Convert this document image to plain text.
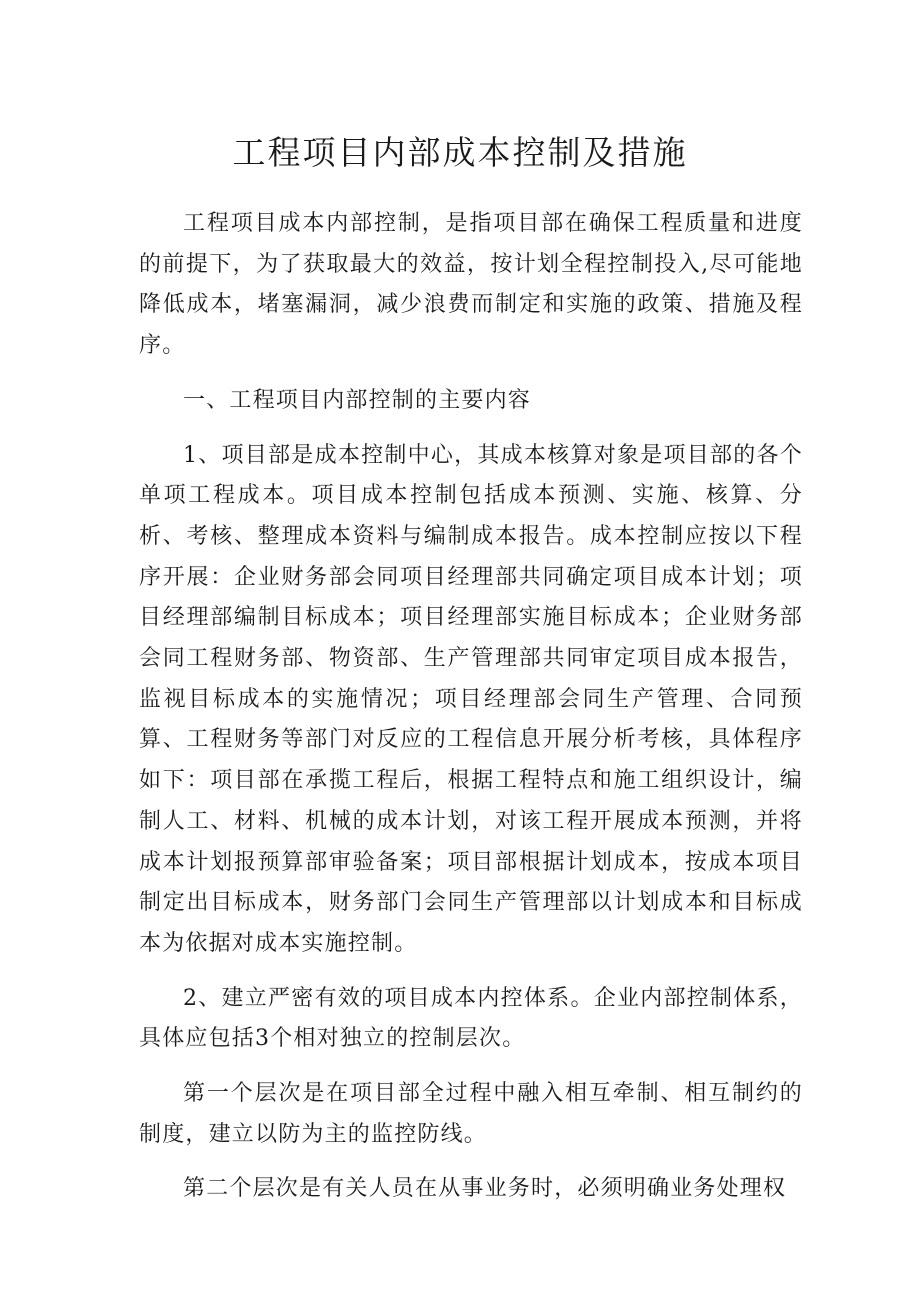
工程项目内部成本控制及措施

工程项目成本内部控制，是指项目部在确保工程质量和进度的前提下，为了获取最大的效益，按计划全程控制投入,尽可能地降低成本，堵塞漏洞，减少浪费而制定和实施的政策、措施及程序。

一、工程项目内部控制的主要内容

1、项目部是成本控制中心，其成本核算对象是项目部的各个单项工程成本。项目成本控制包括成本预测、实施、核算、分析、考核、整理成本资料与编制成本报告。成本控制应按以下程序开展：企业财务部会同项目经理部共同确定项目成本计划；项目经理部编制目标成本；项目经理部实施目标成本；企业财务部会同工程财务部、物资部、生产管理部共同审定项目成本报告，监视目标成本的实施情况；项目经理部会同生产管理、合同预算、工程财务等部门对反应的工程信息开展分析考核，具体程序如下：项目部在承揽工程后，根据工程特点和施工组织设计，编制人工、材料、机械的成本计划，对该工程开展成本预测，并将成本计划报预算部审验备案；项目部根据计划成本，按成本项目制定出目标成本，财务部门会同生产管理部以计划成本和目标成本为依据对成本实施控制。

2、建立严密有效的项目成本内控体系。企业内部控制体系，具体应包括3个相对独立的控制层次。

第一个层次是在项目部全过程中融入相互牵制、相互制约的制度，建立以防为主的监控防线。

第二个层次是有关人员在从事业务时，必须明确业务处理权
